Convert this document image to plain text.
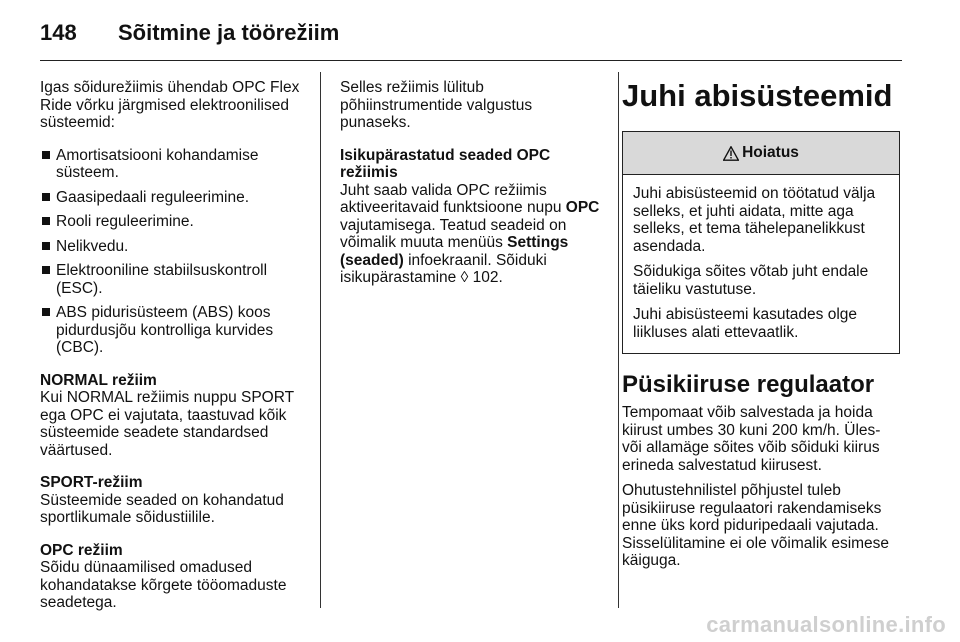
148 Sõitmine ja töörežiim

Igas sõidurežiimis ühendab OPC Flex Ride võrku järgmised elektroonilised süsteemid:

Amortisatsiooni kohandamise süsteem.
Gaasipedaali reguleerimine.
Rooli reguleerimine.
Nelikvedu.
Elektrooniline stabiilsuskontroll (ESC).
ABS pidurisüsteem (ABS) koos pidurdusjõu kontrolliga kurvides (CBC).

NORMAL režiim
Kui NORMAL režiimis nuppu SPORT ega OPC ei vajutata, taastuvad kõik süsteemide seadete standardsed väärtused.

SPORT-režiim
Süsteemide seaded on kohandatud sportlikumale sõidustiilile.

OPC režiim
Sõidu dünaamilised omadused kohandatakse kõrgete tööomaduste seadetega.

Selles režiimis lülitub põhiinstrumentide valgustus punaseks.

Isikupärastatud seaded OPC režiimis
Juht saab valida OPC režiimis aktiveeritavaid funktsioone nupu OPC vajutamisega. Teatud seadeid on võimalik muuta menüüs Settings (seaded) infoekraanil. Sõiduki isikupärastamine ◊ 102.

Juhi abisüsteemid
Hoiatus

Juhi abisüsteemid on töötatud välja selleks, et juhti aidata, mitte aga selleks, et tema tähelepanelikkust asendada.

Sõidukiga sõites võtab juht endale täieliku vastutuse.

Juhi abisüsteemi kasutades olge liikluses alati ettevaatlik.

Püsikiiruse regulaator

Tempomaat võib salvestada ja hoida kiirust umbes 30 kuni 200 km/h. Üles- või allamäge sõites võib sõiduki kiirus erineda salvestatud kiirusest.

Ohutustehnilistel põhjustel tuleb püsikiiruse regulaatori rakendamiseks enne üks kord piduripedaali vajutada.

Sisselülitamine ei ole võimalik esimese käiguga.

carmanualsonline.info
